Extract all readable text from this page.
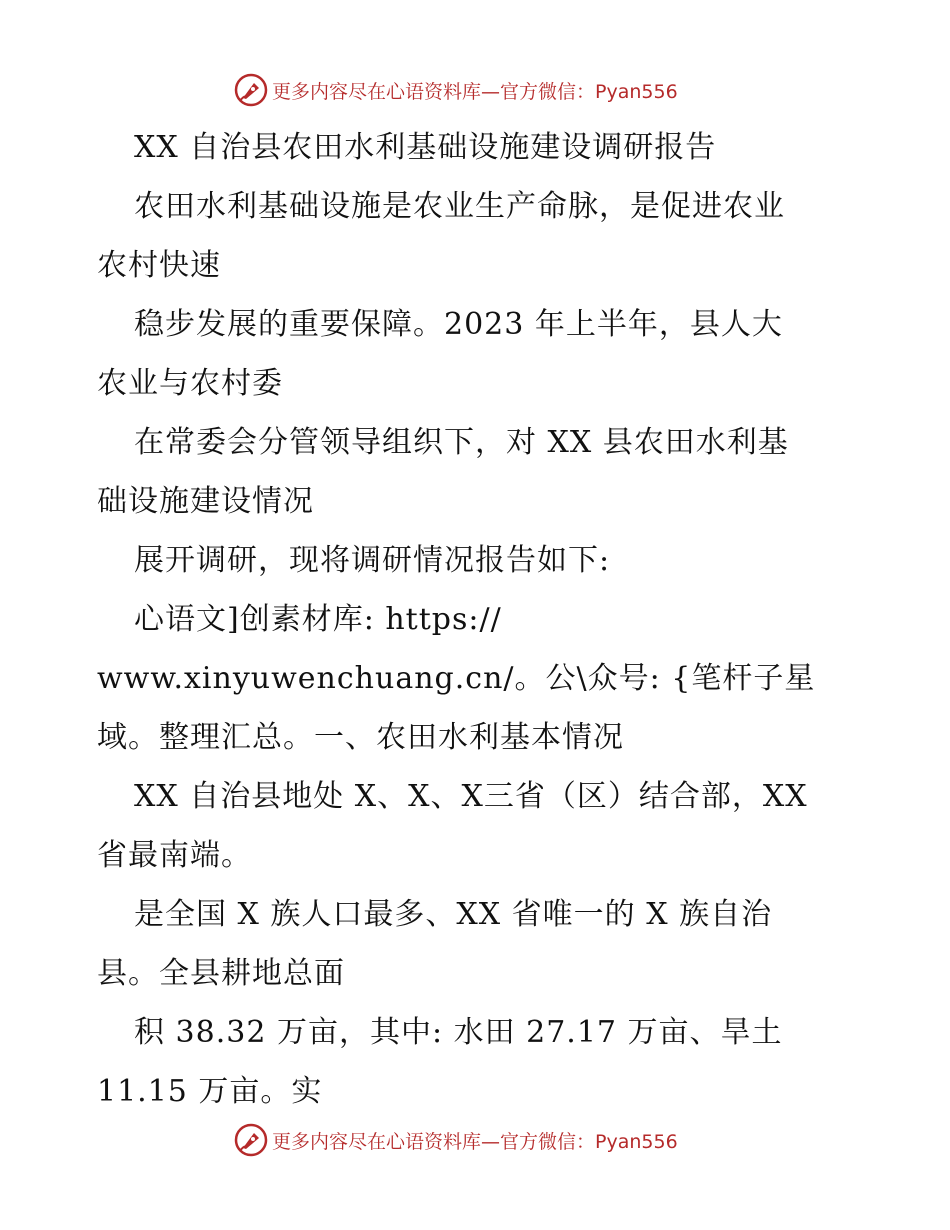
更多内容尽在心语资料库—官方微信：Pyan556
XX 自治县农田水利基础设施建设调研报告
农田水利基础设施是农业生产命脉，是促进农业
农村快速
稳步发展的重要保障。2023 年上半年，县人大
农业与农村委
在常委会分管领导组织下，对 XX 县农田水利基
础设施建设情况
展开调研，现将调研情况报告如下:
心语文]创素材库: https://
www.xinyuwenchuang.cn/。公\众号: {笔杆子星
域。整理汇总。一、农田水利基本情况
XX 自治县地处 X、X、X三省（区）结合部，XX
省最南端。
是全国 X 族人口最多、XX 省唯一的 X 族自治
县。全县耕地总面
积 38.32 万亩，其中: 水田 27.17 万亩、旱土
11.15 万亩。实
更多内容尽在心语资料库—官方微信：Pyan556
